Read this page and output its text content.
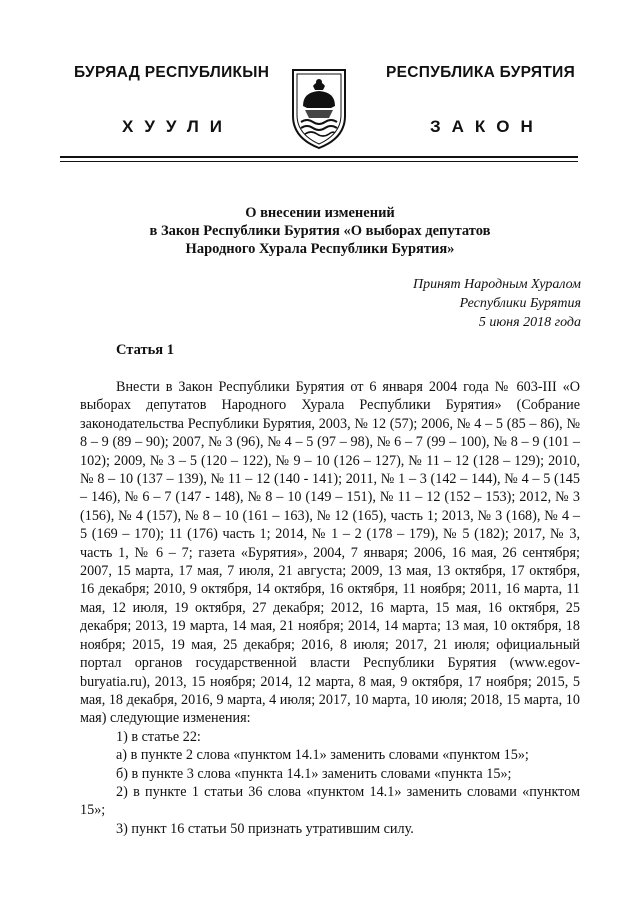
БУРЯАД РЕСПУБЛИКЫН	РЕСПУБЛИКА БУРЯТИЯ
ХУУЛИ	ЗАКОН
О внесении изменений
в Закон Республики Бурятия «О выборах депутатов
Народного Хурала Республики Бурятия»
Принят Народным Хуралом
Республики Бурятия
5 июня 2018 года
Статья 1

Внести в Закон Республики Бурятия от 6 января 2004 года № 603-III «О выборах депутатов Народного Хурала Республики Бурятия» (Собрание законодательства Республики Бурятия, 2003, № 12 (57); 2006, № 4 – 5 (85 – 86), № 8 – 9 (89 – 90); 2007, № 3 (96), № 4 – 5 (97 – 98), № 6 – 7 (99 – 100), № 8 – 9 (101 – 102); 2009, № 3 – 5 (120 – 122), № 9 – 10 (126 – 127), № 11 – 12 (128 – 129); 2010, № 8 – 10 (137 – 139), № 11 – 12 (140 - 141); 2011, № 1 – 3 (142 – 144), № 4 – 5 (145 – 146), № 6 – 7 (147 - 148), № 8 – 10 (149 – 151), № 11 – 12 (152 – 153); 2012, № 3 (156), № 4 (157), № 8 – 10 (161 – 163), № 12 (165), часть 1; 2013, № 3 (168), № 4 – 5 (169 – 170); 11 (176) часть 1; 2014, № 1 – 2 (178 – 179), № 5 (182); 2017, № 3, часть 1, № 6 – 7; газета «Бурятия», 2004, 7 января; 2006, 16 мая, 26 сентября; 2007, 15 марта, 17 мая, 7 июля, 21 августа; 2009, 13 мая, 13 октября, 17 октября, 16 декабря; 2010, 9 октября, 14 октября, 16 октября, 11 ноября; 2011, 16 марта, 11 мая, 12 июля, 19 октября, 27 декабря; 2012, 16 марта, 15 мая, 16 октября, 25 декабря; 2013, 19 марта, 14 мая, 21 ноября; 2014, 14 марта; 13 мая, 10 октября, 18 ноября; 2015, 19 мая, 25 декабря; 2016, 8 июля; 2017, 21 июля; официальный портал органов государственной власти Республики Бурятия (www.egov-buryatia.ru), 2013, 15 ноября; 2014, 12 марта, 8 мая, 9 октября, 17 ноября; 2015, 5 мая, 18 декабря, 2016, 9 марта, 4 июля; 2017, 10 марта, 10 июля; 2018, 15 марта, 10 мая) следующие изменения:

1) в статье 22:

а) в пункте 2 слова «пунктом 14.1» заменить словами «пунктом 15»;

б) в пункте 3 слова «пункта 14.1» заменить словами «пункта 15»;

2) в пункте 1 статьи 36 слова «пунктом 14.1» заменить словами «пунктом 15»;

3) пункт 16 статьи 50 признать утратившим силу.
